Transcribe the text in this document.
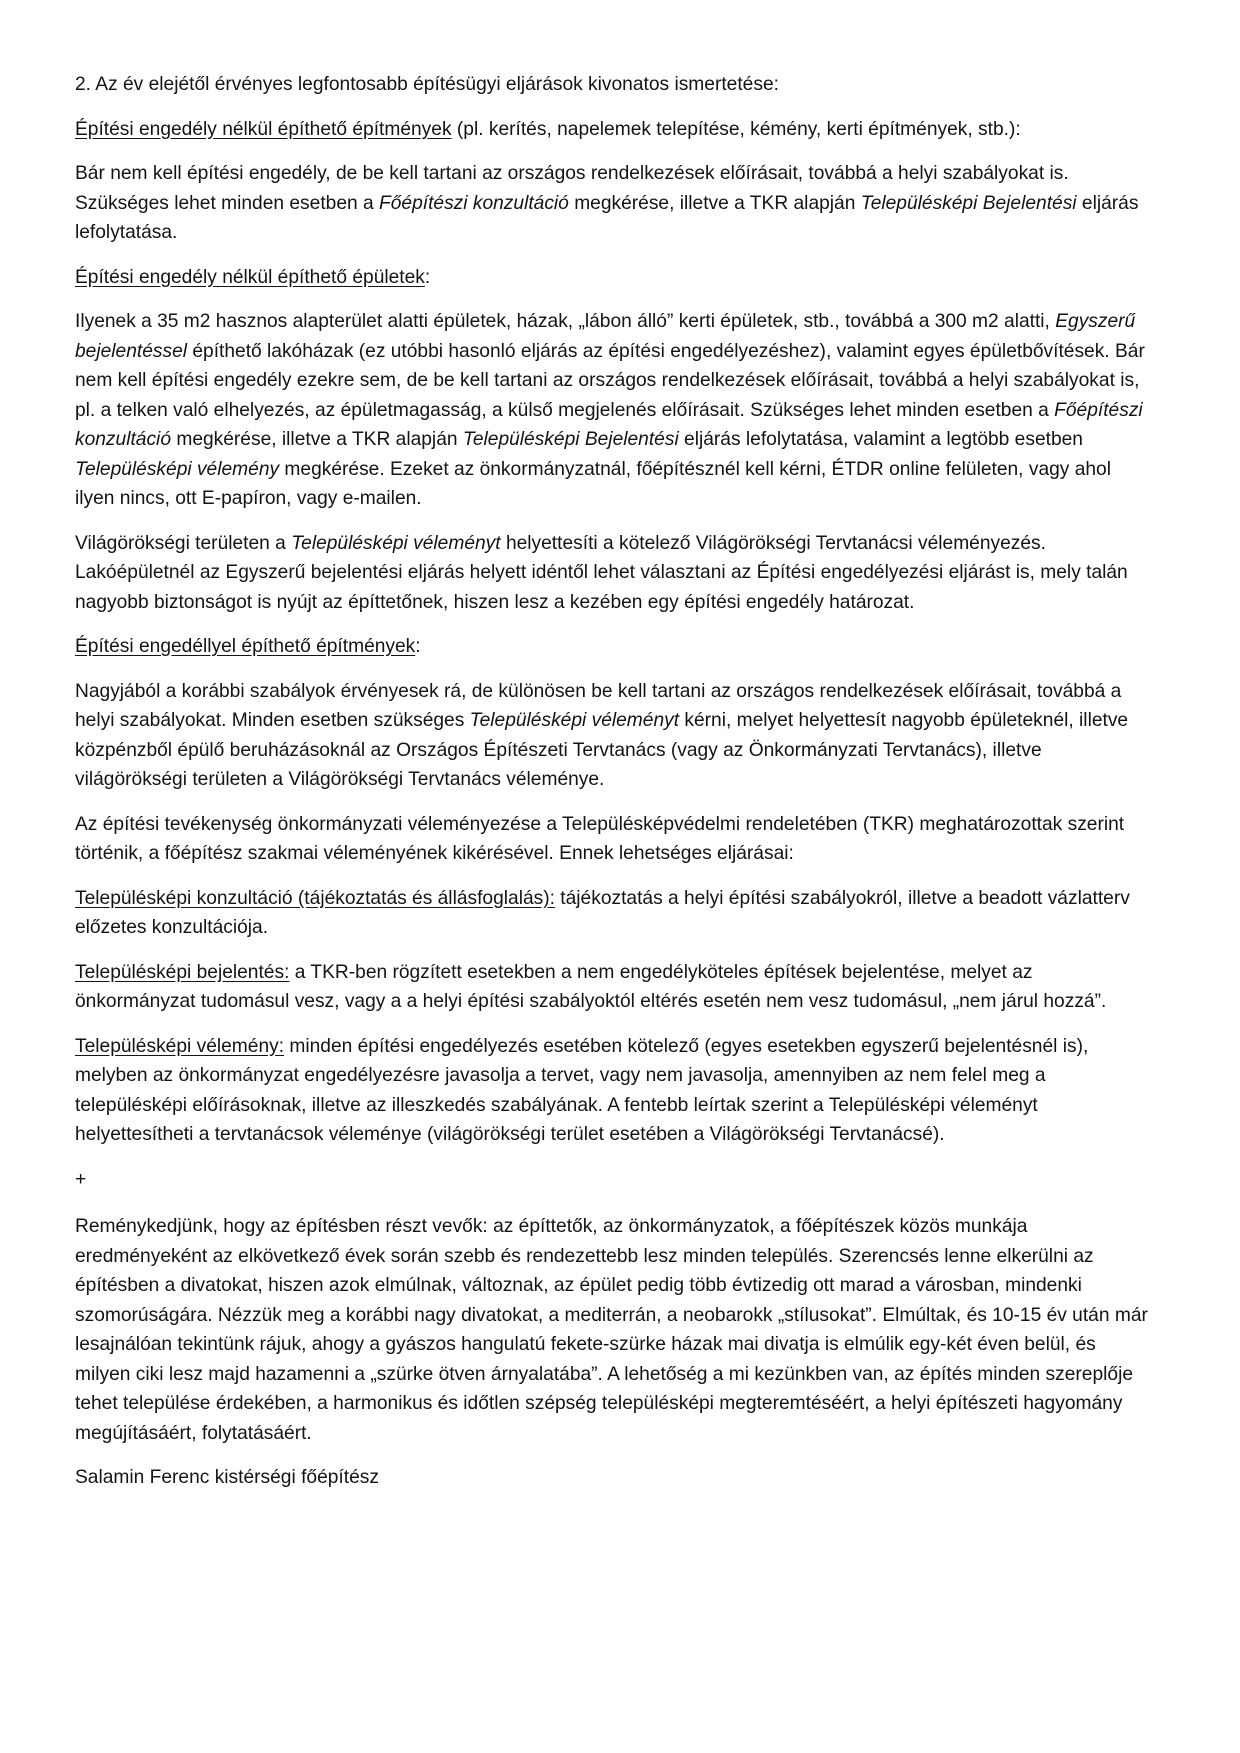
2. Az év elejétől érvényes legfontosabb építésügyi eljárások kivonatos ismertetése:

Építési engedély nélkül építhető építmények (pl. kerítés, napelemek telepítése, kémény, kerti építmények, stb.):

Bár nem kell építési engedély, de be kell tartani az országos rendelkezések előírásait, továbbá a helyi szabályokat is. Szükséges lehet minden esetben a Főépítészi konzultáció megkérése, illetve a TKR alapján Településképi Bejelentési eljárás lefolytatása.

Építési engedély nélkül építhető épületek:

Ilyenek a 35 m2 hasznos alapterület alatti épületek, házak, „lábon álló” kerti épületek, stb., továbbá a 300 m2 alatti, Egyszerű bejelentéssel építhető lakóházak (ez utóbbi hasonló eljárás az építési engedélyezéshez), valamint egyes épületbővítések. Bár nem kell építési engedély ezekre sem, de be kell tartani az országos rendelkezések előírásait, továbbá a helyi szabályokat is, pl. a telken való elhelyezés, az épületmagasság, a külső megjelenés előírásait. Szükséges lehet minden esetben a Főépítészi konzultáció megkérése, illetve a TKR alapján Településképi Bejelentési eljárás lefolytatása, valamint a legtöbb esetben Településképi vélemény megkérése. Ezeket az önkormányzatnál, főépítésznél kell kérni, ÉTDR online felületen, vagy ahol ilyen nincs, ott E-papíron, vagy e-mailen.

Világörökségi területen a Településképi véleményt helyettesíti a kötelező Világörökségi Tervtanácsi véleményezés. Lakóépületnél az Egyszerű bejelentési eljárás helyett idéntől lehet választani az Építési engedélyezési eljárást is, mely talán nagyobb biztonságot is nyújt az építtetőnek, hiszen lesz a kezében egy építési engedély határozat.

Építési engedéllyel építhető építmények:

Nagyjából a korábbi szabályok érvényesek rá, de különösen be kell tartani az országos rendelkezések előírásait, továbbá a helyi szabályokat. Minden esetben szükséges Településképi véleményt kérni, melyet helyettesít nagyobb épületeknél, illetve közpénzből épülő beruházásoknál az Országos Építészeti Tervtanács (vagy az Önkormányzati Tervtanács), illetve világörökségi területen a Világörökségi Tervtanács véleménye.

Az építési tevékenység önkormányzati véleményezése a Településképvédelmi rendeletében (TKR) meghatározottak szerint történik, a főépítész szakmai véleményének kikérésével. Ennek lehetséges eljárásai:

Településképi konzultáció (tájékoztatás és állásfoglalás): tájékoztatás a helyi építési szabályokról, illetve a beadott vázlatterv előzetes konzultációja.

Településképi bejelentés: a TKR-ben rögzített esetekben a nem engedélyköteles építések bejelentése, melyet az önkormányzat tudomásul vesz, vagy a a helyi építési szabályoktól eltérés esetén nem vesz tudomásul, „nem járul hozzá”.

Településképi vélemény: minden építési engedélyezés esetében kötelező (egyes esetekben egyszerű bejelentésnél is), melyben az önkormányzat engedélyezésre javasolja a tervet, vagy nem javasolja, amennyiben az nem felel meg a településképi előírásoknak, illetve az illeszkedés szabályának. A fentebb leírtak szerint a Településképi véleményt helyettesítheti a tervtanácsok véleménye (világörökségi terület esetében a Világörökségi Tervtanácsé).

+

Reménykedjünk, hogy az építésben részt vevők: az építtetők, az önkormányzatok, a főépítészek közös munkája eredményeként az elkövetkező évek során szebb és rendezettebb lesz minden település. Szerencsés lenne elkerülni az építésben a divatokat, hiszen azok elmúlnak, változnak, az épület pedig több évtizedig ott marad a városban, mindenki szomorúságára. Nézzük meg a korábbi nagy divatokat, a mediterrán, a neobarokk „stílusokat”. Elmúltak, és 10-15 év után már lesajnálóan tekintünk rájuk, ahogy a gyászos hangulatú fekete-szürke házak mai divatja is elmúlik egy-két éven belül, és milyen ciki lesz majd hazamenni a „szürke ötven árnyalatába”. A lehetőség a mi kezünkben van, az építés minden szereplője tehet települése érdekében, a harmonikus és időtlen szépség településképi megteremtéséért, a helyi építészeti hagyomány megújításáért, folytatásáért.

Salamin Ferenc kistérségi főépítész
